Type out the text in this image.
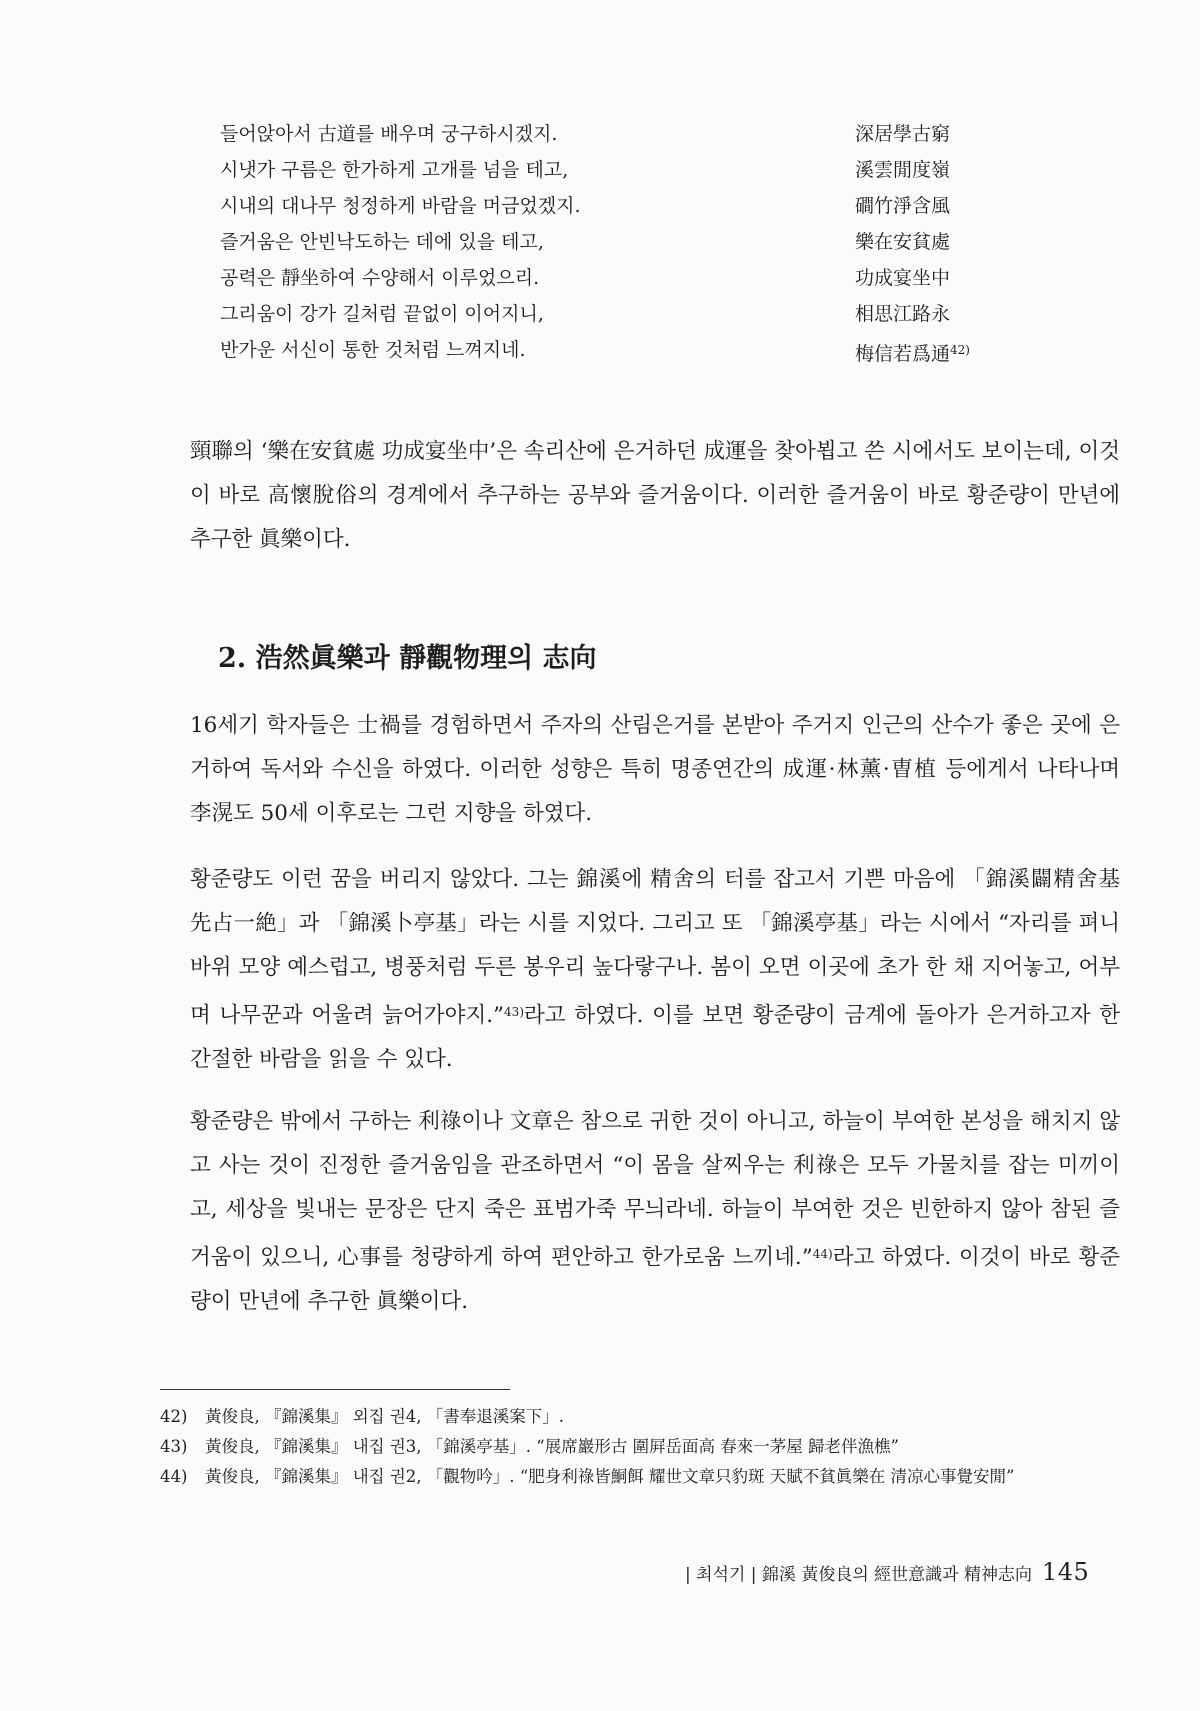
들어앉아서 古道를 배우며 궁구하시겠지.	深居學古窮
시냇가 구름은 한가하게 고개를 넘을 테고,	溪雲閒度嶺
시내의 대나무 청정하게 바람을 머금었겠지.	磵竹淨含風
즐거움은 안빈낙도하는 데에 있을 테고,	樂在安貧處
공력은 靜坐하여 수양해서 이루었으리.	功成宴坐中
그리움이 강가 길처럼 끝없이 이어지니,	相思江路永
반가운 서신이 통한 것처럼 느껴지네.	梅信若爲通$^{42)}$

頸聯의 ‘樂在安貧處 功成宴坐中’은 속리산에 은거하던 成運을 찾아뵙고 쓴 시에서도 보이는데, 이것이 바로 高懷脫俗의 경계에서 추구하는 공부와 즐거움이다. 이러한 즐거움이 바로 황준량이 만년에 추구한 眞樂이다.

2. 浩然眞樂과 靜觀物理의 志向

16세기 학자들은 士禍를 경험하면서 주자의 산림은거를 본받아 주거지 인근의 산수가 좋은 곳에 은거하여 독서와 수신을 하였다. 이러한 성향은 특히 명종연간의 成運·林薰·曺植 등에게서 나타나며 李滉도 50세 이후로는 그런 지향을 하였다.

황준량도 이런 꿈을 버리지 않았다. 그는 錦溪에 精舍의 터를 잡고서 기쁜 마음에 「錦溪闢精舍基 先占一絶」과 「錦溪卜亭基」라는 시를 지었다. 그리고 또 「錦溪亭基」라는 시에서 “자리를 펴니 바위 모양 예스럽고, 병풍처럼 두른 봉우리 높다랗구나. 봄이 오면 이곳에 초가 한 채 지어놓고, 어부며 나무꾼과 어울려 늙어가야지.”$^{43)}$라고 하였다. 이를 보면 황준량이 금계에 돌아가 은거하고자 한 간절한 바람을 읽을 수 있다.

황준량은 밖에서 구하는 利祿이나 文章은 참으로 귀한 것이 아니고, 하늘이 부여한 본성을 해치지 않고 사는 것이 진정한 즐거움임을 관조하면서 “이 몸을 살찌우는 利祿은 모두 가물치를 잡는 미끼이고, 세상을 빛내는 문장은 단지 죽은 표범가죽 무늬라네. 하늘이 부여한 것은 빈한하지 않아 참된 즐거움이 있으니, 心事를 청량하게 하여 편안하고 한가로움 느끼네.”$^{44)}$라고 하였다. 이것이 바로 황준량이 만년에 추구한 眞樂이다.

42) 黃俊良, 『錦溪集』 외집 권4, 「書奉退溪案下」.
43) 黃俊良, 『錦溪集』 내집 권3, 「錦溪亭基」. “展席巖形古 圍屛岳面高 春來一茅屋 歸老伴漁樵”
44) 黃俊良, 『錦溪集』 내집 권2, 「觀物吟」. “肥身利祿皆鮦餌 耀世文章只豹斑 天賦不貧眞樂在 清凉心事覺安閒”
| 최석기 | 錦溪 黃俊良의 經世意識과 精神志向 145
